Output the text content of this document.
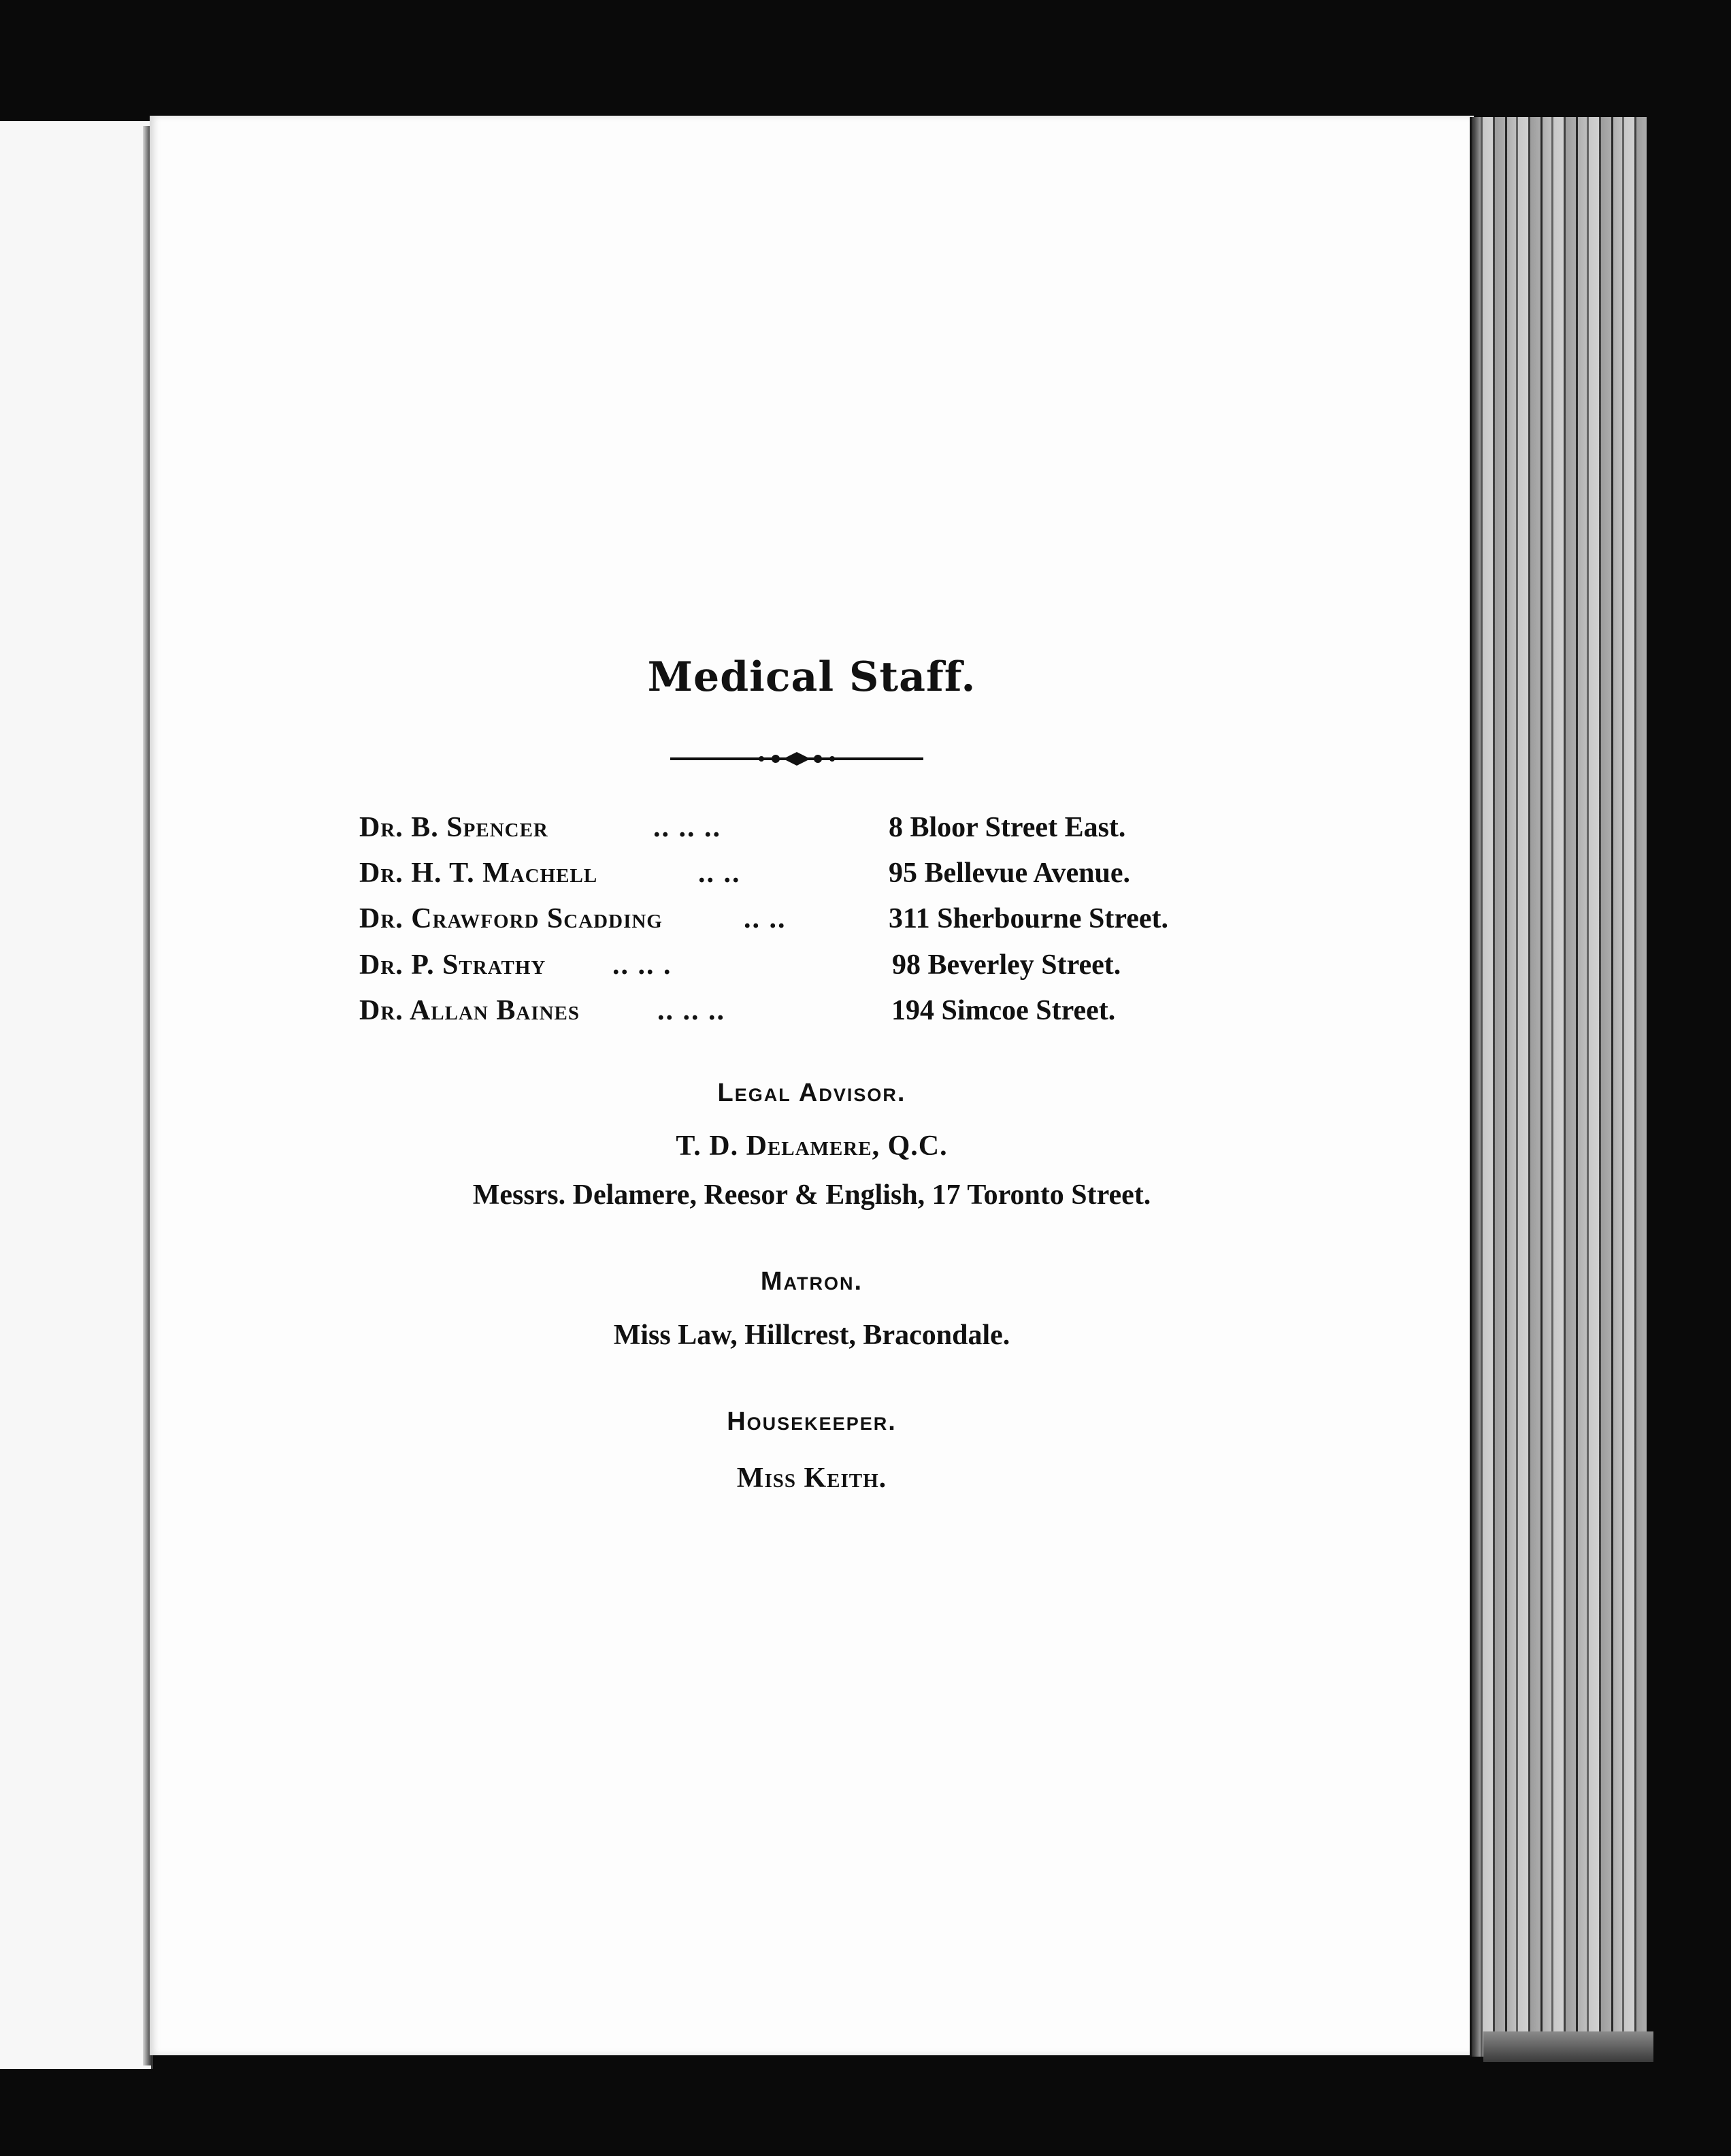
Medical Staff.
Dr. B. Spencer	.. .. ..	8 Bloor Street East.
Dr. H. T. Machell	.. ..	95 Bellevue Avenue.
Dr. Crawford Scadding	.. ..	311 Sherbourne Street.
Dr. P. Strathy .. .. .	98 Beverley Street.
Dr. Allan Baines	.. .. ..	194 Simcoe Street.
Legal Advisor.
T. D. Delamere, Q.C.
Messrs. Delamere, Reesor & English, 17 Toronto Street.
Matron.
Miss Law, Hillcrest, Bracondale.
Housekeeper.
Miss Keith.
